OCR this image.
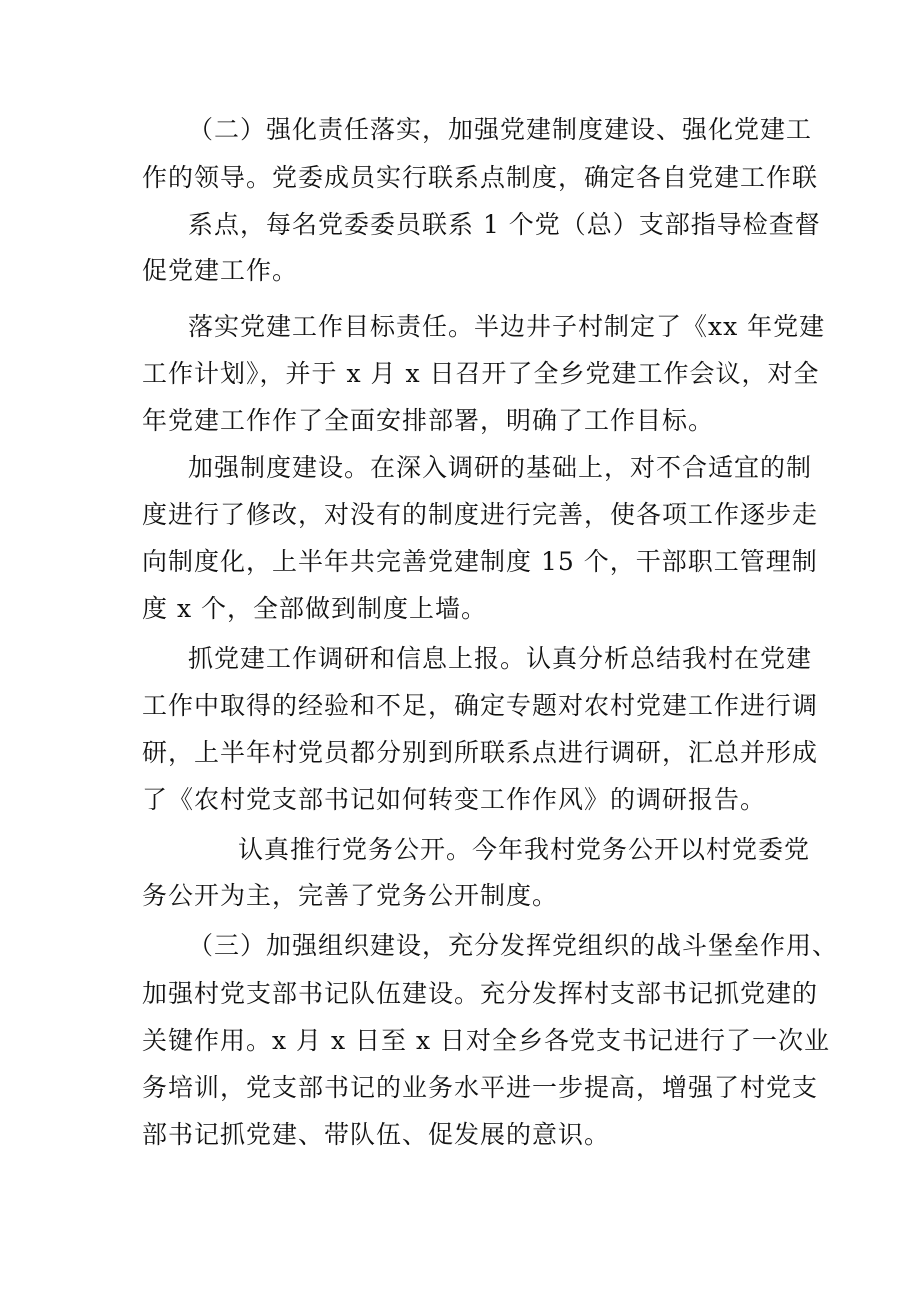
（二）强化责任落实，加强党建制度建设、强化党建工
作的领导。党委成员实行联系点制度，确定各自党建工作联
系点，每名党委委员联系 1 个党（总）支部指导检查督
促党建工作。
落实党建工作目标责任。半边井子村制定了《xx 年党建
工作计划》，并于 x 月 x 日召开了全乡党建工作会议，对全
年党建工作作了全面安排部署，明确了工作目标。
加强制度建设。在深入调研的基础上，对不合适宜的制
度进行了修改，对没有的制度进行完善，使各项工作逐步走
向制度化，上半年共完善党建制度 15 个，干部职工管理制
度 x 个，全部做到制度上墙。
抓党建工作调研和信息上报。认真分析总结我村在党建
工作中取得的经验和不足，确定专题对农村党建工作进行调
研，上半年村党员都分别到所联系点进行调研，汇总并形成
了《农村党支部书记如何转变工作作风》的调研报告。
认真推行党务公开。今年我村党务公开以村党委党
务公开为主，完善了党务公开制度。
（三）加强组织建设，充分发挥党组织的战斗堡垒作用、
加强村党支部书记队伍建设。充分发挥村支部书记抓党建的
关键作用。x 月 x 日至 x 日对全乡各党支书记进行了一次业
务培训，党支部书记的业务水平进一步提高，增强了村党支
部书记抓党建、带队伍、促发展的意识。
